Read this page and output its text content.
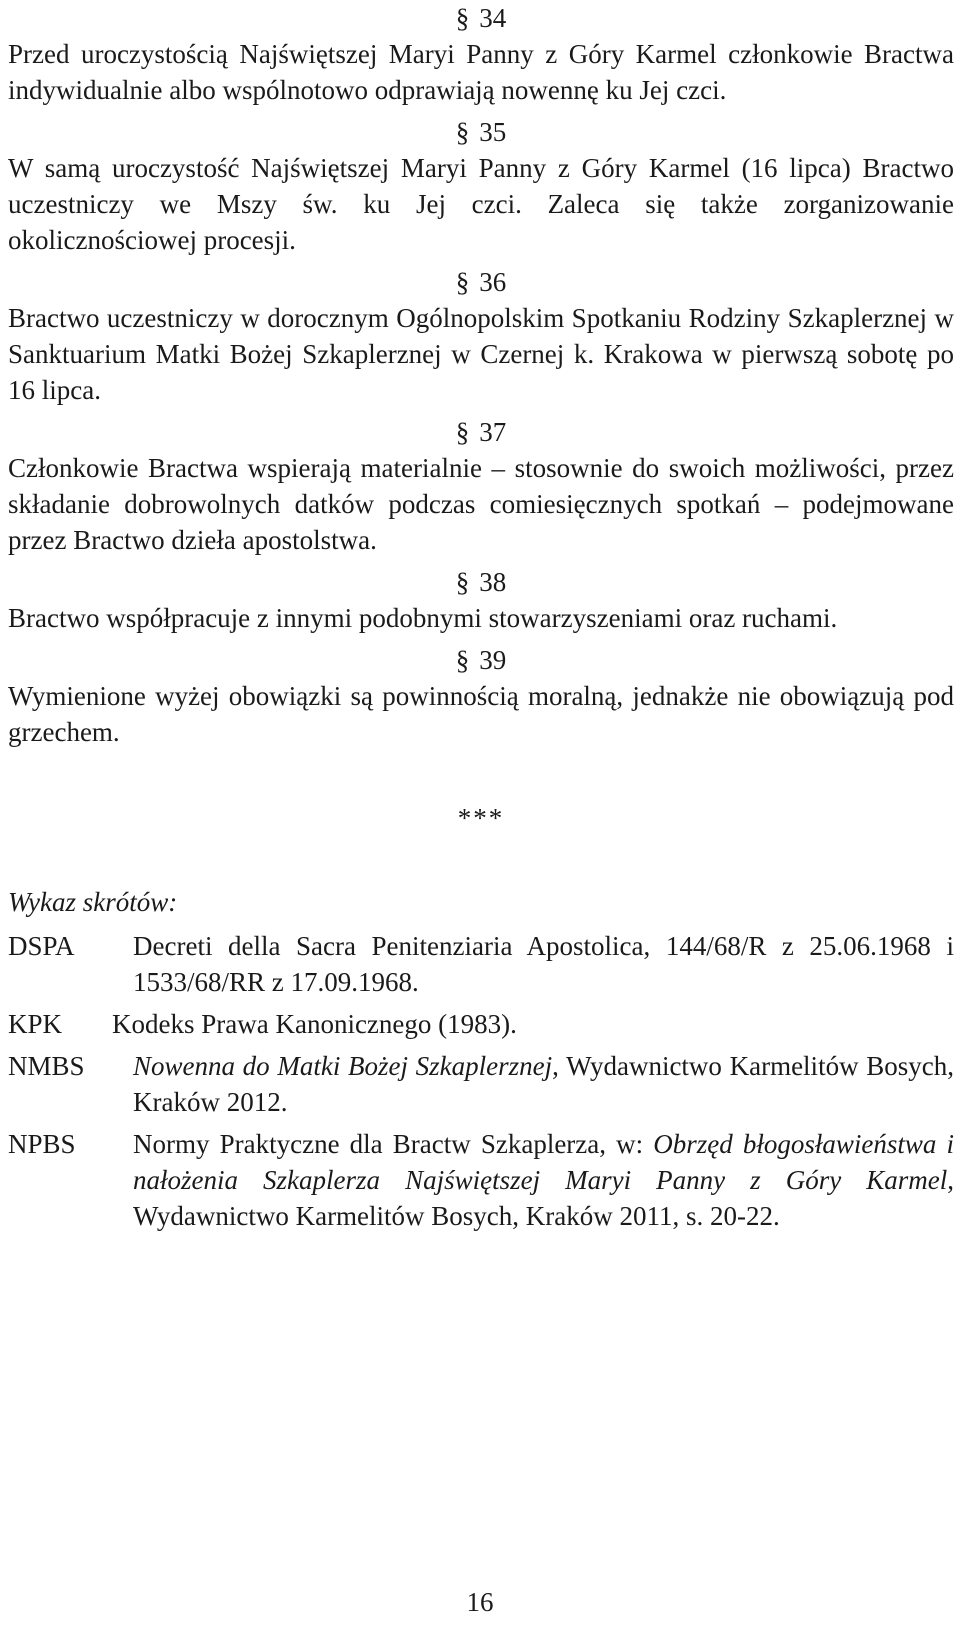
§ 34

Przed uroczystością Najświętszej Maryi Panny z Góry Karmel członkowie Bractwa indywidualnie albo wspólnotowo odprawiają nowennę ku Jej czci.

§ 35

W samą uroczystość Najświętszej Maryi Panny z Góry Karmel (16 lipca) Bractwo uczestniczy we Mszy św. ku Jej czci. Zaleca się także zorganizowanie okolicznościowej procesji.

§ 36

Bractwo uczestniczy w dorocznym Ogólnopolskim Spotkaniu Rodziny Szkaplerznej w Sanktuarium Matki Bożej Szkaplerznej w Czernej k. Krakowa w pierwszą sobotę po 16 lipca.

§ 37

Członkowie Bractwa wspierają materialnie – stosownie do swoich możliwości, przez składanie dobrowolnych datków podczas comiesięcznych spotkań – podejmowane przez Bractwo dzieła apostolstwa.

§ 38

Bractwo współpracuje z innymi podobnymi stowarzyszeniami oraz ruchami.

§ 39

Wymienione wyżej obowiązki są powinnością moralną, jednakże nie obowiązują pod grzechem.

***
Wykaz skrótów:
DSPA	Decreti della Sacra Penitenziaria Apostolica, 144/68/R z 25.06.1968 i 1533/68/RR z 17.09.1968.
KPK	Kodeks Prawa Kanonicznego (1983).
NMBS	Nowenna do Matki Bożej Szkaplerznej, Wydawnictwo Karmelitów Bosych, Kraków 2012.
NPBS	Normy Praktyczne dla Bractw Szkaplerza, w: Obrzęd błogosławieństwa i nałożenia Szkaplerza Najświętszej Maryi Panny z Góry Karmel, Wydawnictwo Karmelitów Bosych, Kraków 2011, s. 20-22.
16
